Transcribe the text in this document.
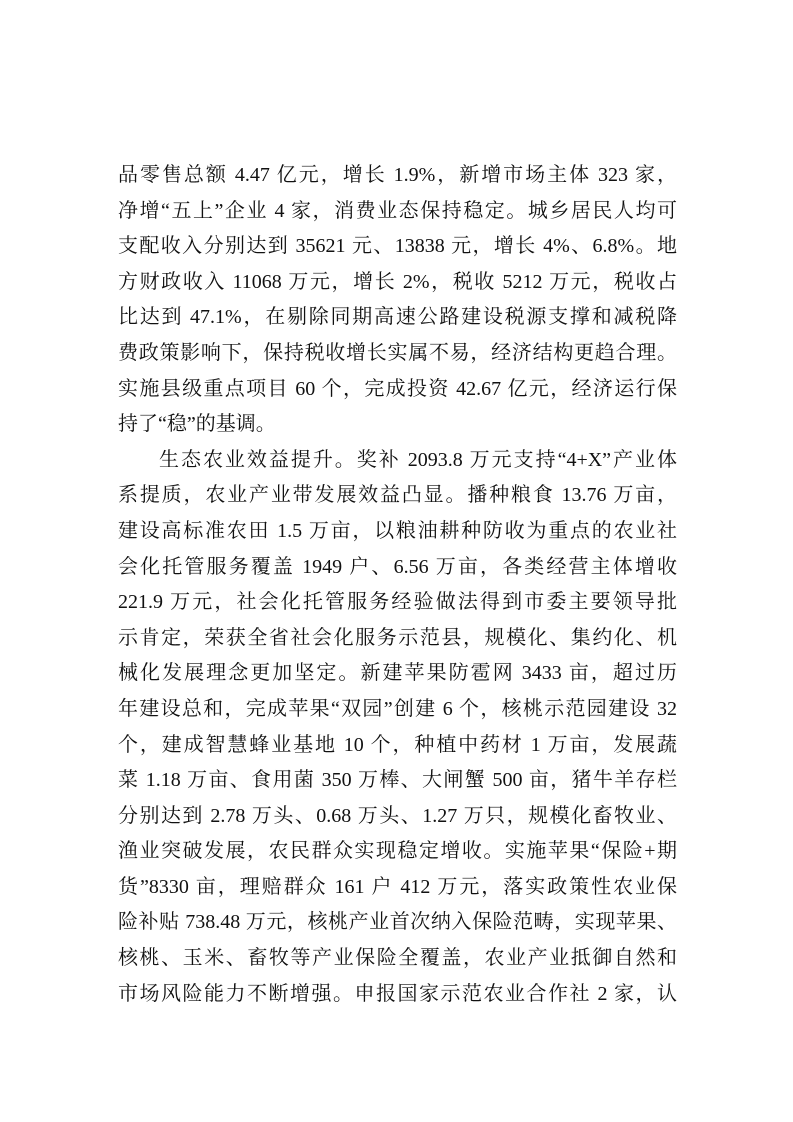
品零售总额 4.47 亿元，增长 1.9%，新增市场主体 323 家，
净增“五上”企业 4 家，消费业态保持稳定。城乡居民人均可
支配收入分别达到 35621 元、13838 元，增长 4%、6.8%。地
方财政收入 11068 万元，增长 2%，税收 5212 万元，税收占
比达到 47.1%，在剔除同期高速公路建设税源支撑和减税降
费政策影响下，保持税收增长实属不易，经济结构更趋合理。
实施县级重点项目 60 个，完成投资 42.67 亿元，经济运行保
持了“稳”的基调。
生态农业效益提升。奖补 2093.8 万元支持“4+X”产业体
系提质，农业产业带发展效益凸显。播种粮食 13.76 万亩，
建设高标准农田 1.5 万亩，以粮油耕种防收为重点的农业社
会化托管服务覆盖 1949 户、6.56 万亩，各类经营主体增收
221.9 万元，社会化托管服务经验做法得到市委主要领导批
示肯定，荣获全省社会化服务示范县，规模化、集约化、机
械化发展理念更加坚定。新建苹果防雹网 3433 亩，超过历
年建设总和，完成苹果“双园”创建 6 个，核桃示范园建设 32
个，建成智慧蜂业基地 10 个，种植中药材 1 万亩，发展蔬
菜 1.18 万亩、食用菌 350 万棒、大闸蟹 500 亩，猪牛羊存栏
分别达到 2.78 万头、0.68 万头、1.27 万只，规模化畜牧业、
渔业突破发展，农民群众实现稳定增收。实施苹果“保险+期
货”8330 亩，理赔群众 161 户 412 万元，落实政策性农业保
险补贴 738.48 万元，核桃产业首次纳入保险范畴，实现苹果、
核桃、玉米、畜牧等产业保险全覆盖，农业产业抵御自然和
市场风险能力不断增强。申报国家示范农业合作社 2 家，认
